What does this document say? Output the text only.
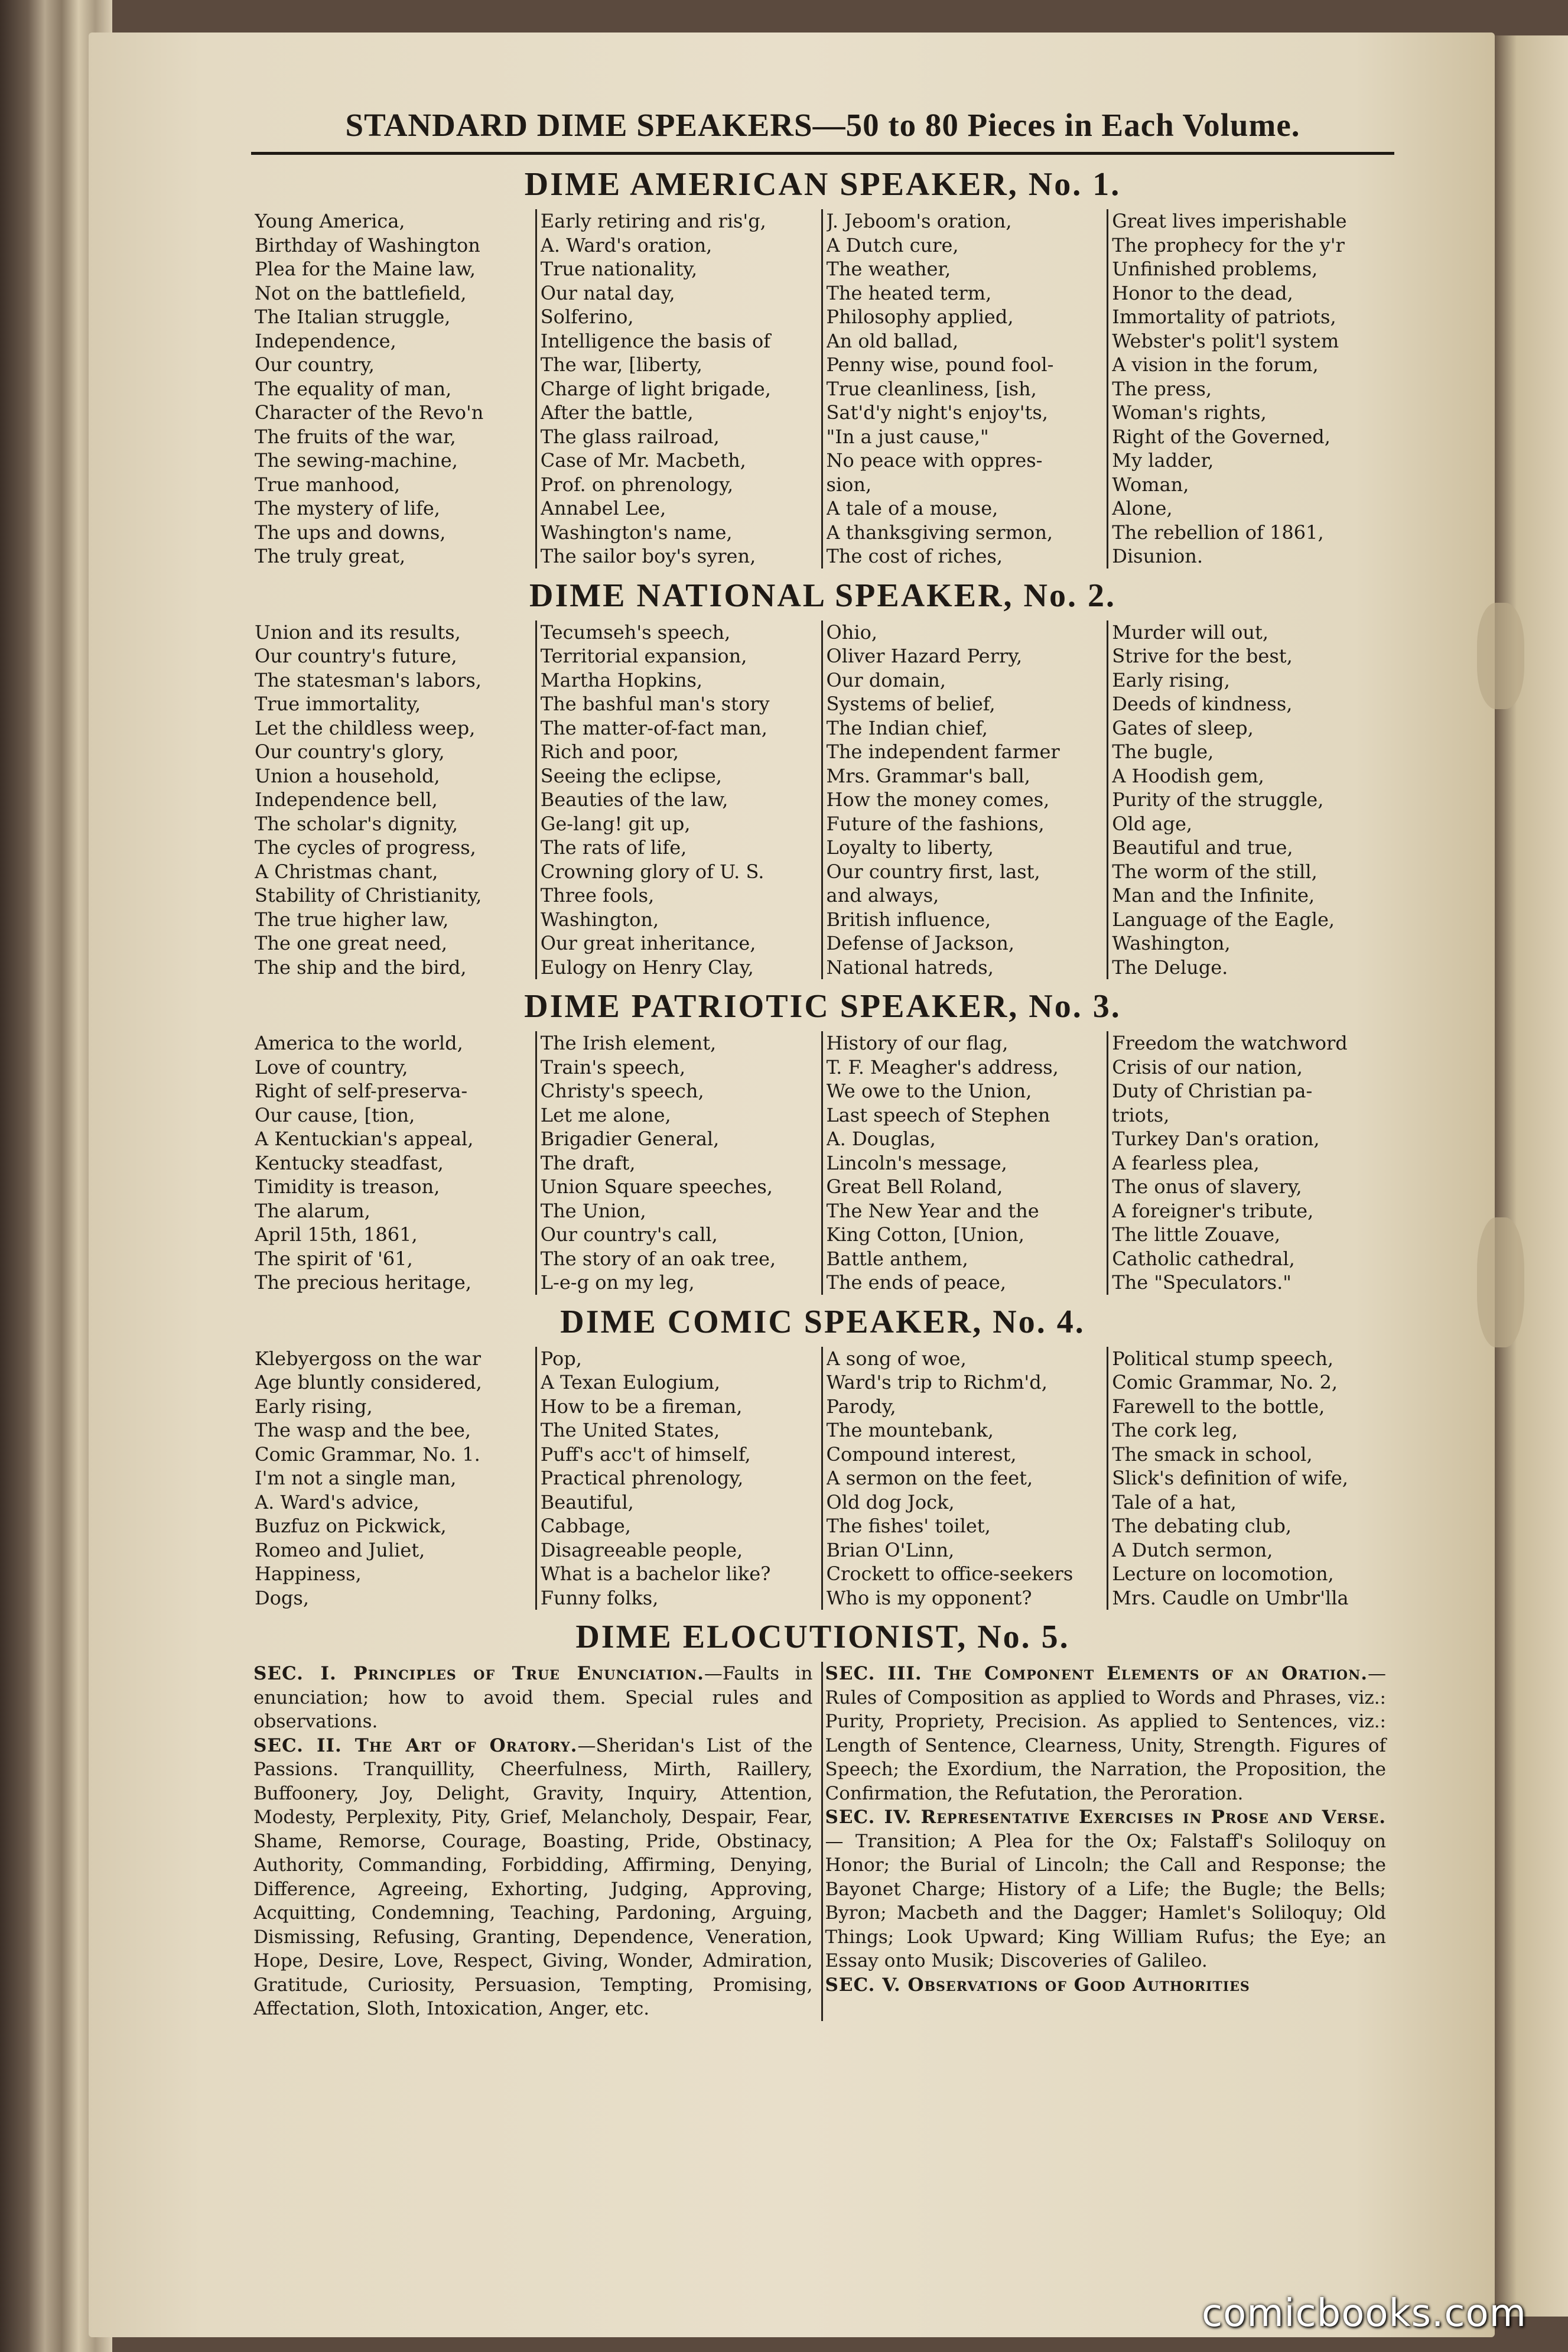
STANDARD DIME SPEAKERS—50 to 80 Pieces in Each Volume.
DIME AMERICAN SPEAKER, No. 1.
Young America,
Birthday of Washington
Plea for the Maine law,
Not on the battlefield,
The Italian struggle,
Independence,
Our country,
The equality of man,
Character of the Revo'n
The fruits of the war,
The sewing-machine,
True manhood,
The mystery of life,
The ups and downs,
The truly great,
Early retiring and ris'g,
A. Ward's oration,
True nationality,
Our natal day,
Solferino,
Intelligence the basis of
The war, [liberty,
Charge of light brigade,
After the battle,
The glass railroad,
Case of Mr. Macbeth,
Prof. on phrenology,
Annabel Lee,
Washington's name,
The sailor boy's syren,
J. Jeboom's oration,
A Dutch cure,
The weather,
The heated term,
Philosophy applied,
An old ballad,
Penny wise, pound fool-
True cleanliness, [ish,
Sat'd'y night's enjoy'ts,
"In a just cause,"
No peace with oppres-
sion,
A tale of a mouse,
A thanksgiving sermon,
The cost of riches,
Great lives imperishable
The prophecy for the y'r
Unfinished problems,
Honor to the dead,
Immortality of patriots,
Webster's polit'l system
A vision in the forum,
The press,
Woman's rights,
Right of the Governed,
My ladder,
Woman,
Alone,
The rebellion of 1861,
Disunion.
DIME NATIONAL SPEAKER, No. 2.
Union and its results,
Our country's future,
The statesman's labors,
True immortality,
Let the childless weep,
Our country's glory,
Union a household,
Independence bell,
The scholar's dignity,
The cycles of progress,
A Christmas chant,
Stability of Christianity,
The true higher law,
The one great need,
The ship and the bird,
Tecumseh's speech,
Territorial expansion,
Martha Hopkins,
The bashful man's story
The matter-of-fact man,
Rich and poor,
Seeing the eclipse,
Beauties of the law,
Ge-lang! git up,
The rats of life,
Crowning glory of U. S.
Three fools,
Washington,
Our great inheritance,
Eulogy on Henry Clay,
Ohio,
Oliver Hazard Perry,
Our domain,
Systems of belief,
The Indian chief,
The independent farmer
Mrs. Grammar's ball,
How the money comes,
Future of the fashions,
Loyalty to liberty,
Our country first, last,
and always,
British influence,
Defense of Jackson,
National hatreds,
Murder will out,
Strive for the best,
Early rising,
Deeds of kindness,
Gates of sleep,
The bugle,
A Hoodish gem,
Purity of the struggle,
Old age,
Beautiful and true,
The worm of the still,
Man and the Infinite,
Language of the Eagle,
Washington,
The Deluge.
DIME PATRIOTIC SPEAKER, No. 3.
America to the world,
Love of country,
Right of self-preserva-
Our cause, [tion,
A Kentuckian's appeal,
Kentucky steadfast,
Timidity is treason,
The alarum,
April 15th, 1861,
The spirit of '61,
The precious heritage,
The Irish element,
Train's speech,
Christy's speech,
Let me alone,
Brigadier General,
The draft,
Union Square speeches,
The Union,
Our country's call,
The story of an oak tree,
L-e-g on my leg,
History of our flag,
T. F. Meagher's address,
We owe to the Union,
Last speech of Stephen
A. Douglas,
Lincoln's message,
Great Bell Roland,
The New Year and the
King Cotton, [Union,
Battle anthem,
The ends of peace,
Freedom the watchword
Crisis of our nation,
Duty of Christian pa-
triots,
Turkey Dan's oration,
A fearless plea,
The onus of slavery,
A foreigner's tribute,
The little Zouave,
Catholic cathedral,
The "Speculators."
DIME COMIC SPEAKER, No. 4.
Klebyergoss on the war
Age bluntly considered,
Early rising,
The wasp and the bee,
Comic Grammar, No. 1.
I'm not a single man,
A. Ward's advice,
Buzfuz on Pickwick,
Romeo and Juliet,
Happiness,
Dogs,
Pop,
A Texan Eulogium,
How to be a fireman,
The United States,
Puff's acc't of himself,
Practical phrenology,
Beautiful,
Cabbage,
Disagreeable people,
What is a bachelor like?
Funny folks,
A song of woe,
Ward's trip to Richm'd,
Parody,
The mountebank,
Compound interest,
A sermon on the feet,
Old dog Jock,
The fishes' toilet,
Brian O'Linn,
Crockett to office-seekers
Who is my opponent?
Political stump speech,
Comic Grammar, No. 2,
Farewell to the bottle,
The cork leg,
The smack in school,
Slick's definition of wife,
Tale of a hat,
The debating club,
A Dutch sermon,
Lecture on locomotion,
Mrs. Caudle on Umbr'lla
DIME ELOCUTIONIST, No. 5.

SEC. I. Principles of True Enunciation.—Faults in enunciation; how to avoid them. Special rules and observations.

SEC. II. The Art of Oratory.—Sheridan's List of the Passions. Tranquillity, Cheerfulness, Mirth, Raillery, Buffoonery, Joy, Delight, Gravity, Inquiry, Attention, Modesty, Perplexity, Pity, Grief, Melancholy, Despair, Fear, Shame, Remorse, Courage, Boasting, Pride, Obstinacy, Authority, Commanding, Forbidding, Affirming, Denying, Difference, Agreeing, Exhorting, Judging, Approving, Acquitting, Condemning, Teaching, Pardoning, Arguing, Dismissing, Refusing, Granting, Dependence, Veneration, Hope, Desire, Love, Respect, Giving, Wonder, Admiration, Gratitude, Curiosity, Persuasion, Tempting, Promising, Affectation, Sloth, Intoxication, Anger, etc.

SEC. III. The Component Elements of an Oration.—Rules of Composition as applied to Words and Phrases, viz.: Purity, Propriety, Precision. As applied to Sentences, viz.: Length of Sentence, Clearness, Unity, Strength. Figures of Speech; the Exordium, the Narration, the Proposition, the Confirmation, the Refutation, the Peroration.

SEC. IV. Representative Exercises in Prose and Verse.— Transition; A Plea for the Ox; Falstaff's Soliloquy on Honor; the Burial of Lincoln; the Call and Response; the Bayonet Charge; History of a Life; the Bugle; the Bells; Byron; Macbeth and the Dagger; Hamlet's Soliloquy; Old Things; Look Upward; King William Rufus; the Eye; an Essay onto Musik; Discoveries of Galileo.

SEC. V. Observations of Good Authorities

comicbooks.com
